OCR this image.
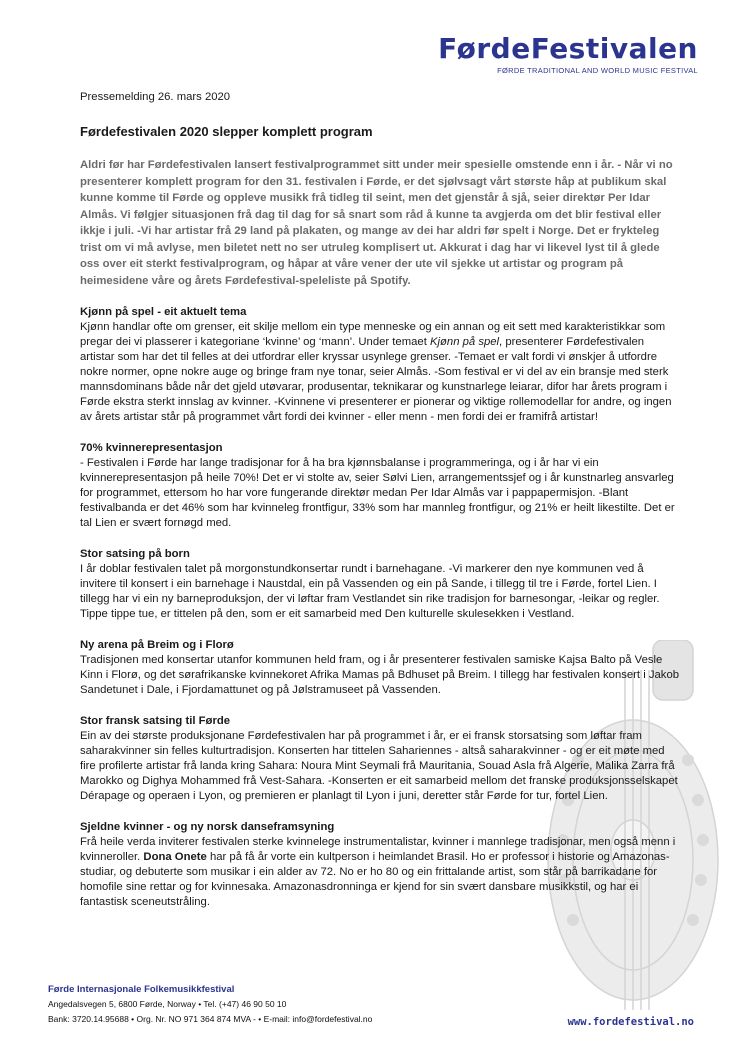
FørdeFestivalen
FØRDE TRADITIONAL AND WORLD MUSIC FESTIVAL

Pressemelding 26. mars 2020

Førdefestivalen 2020 slepper komplett program

Aldri før har Førdefestivalen lansert festivalprogrammet sitt under meir spesielle omstende enn i år. - Når vi no presenterer komplett program for den 31. festivalen i Førde, er det sjølvsagt vårt største håp at publikum skal kunne komme til Førde og oppleve musikk frå tidleg til seint, men det gjenstår å sjå, seier direktør Per Idar Almås. Vi følgjer situasjonen frå dag til dag for så snart som råd å kunne ta avgjerda om det blir festival eller ikkje i juli. -Vi har artistar frå 29 land på plakaten, og mange av dei har aldri før spelt i Norge. Det er frykteleg trist om vi må avlyse, men biletet nett no ser utruleg komplisert ut. Akkurat i dag har vi likevel lyst til å glede oss over eit sterkt festivalprogram, og håpar at våre vener der ute vil sjekke ut artistar og program på heimesidene våre og årets Førdefestival-speleliste på Spotify.

Kjønn på spel - eit aktuelt tema

Kjønn handlar ofte om grenser, eit skilje mellom ein type menneske og ein annan og eit sett med karakteristikkar som pregar dei vi plasserer i kategoriane ‘kvinne’ og ‘mann’. Under temaet Kjønn på spel, presenterer Førdefestivalen artistar som har det til felles at dei utfordrar eller kryssar usynlege grenser. -Temaet er valt fordi vi ønskjer å utfordre nokre normer, opne nokre auge og bringe fram nye tonar, seier Almås. -Som festival er vi del av ein bransje med sterk mannsdominans både når det gjeld utøvarar, produsentar, teknikarar og kunstnarlege leiarar, difor har årets program i Førde ekstra sterkt innslag av kvinner. -Kvinnene vi presenterer er pionerar og viktige rollemodellar for andre, og ingen av årets artistar står på programmet vårt fordi dei kvinner - eller menn - men fordi dei er framifrå artistar!

70% kvinnerepresentasjon

- Festivalen i Førde har lange tradisjonar for å ha bra kjønnsbalanse i programmeringa, og i år har vi ein kvinnerepresentasjon på heile 70%! Det er vi stolte av, seier Sølvi Lien, arrangementssjef og i år kunstnarleg ansvarleg for programmet, ettersom ho har vore fungerande direktør medan Per Idar Almås var i pappapermisjon. -Blant festivalbanda er det 46% som har kvinneleg frontfigur, 33% som har mannleg frontfigur, og 21% er heilt likestilte. Det er tal Lien er svært fornøgd med.

Stor satsing på born

I år doblar festivalen talet på morgonstundkonsertar rundt i barnehagane. -Vi markerer den nye kommunen ved å invitere til konsert i ein barnehage i Naustdal, ein på Vassenden og ein på Sande, i tillegg til tre i Førde, fortel Lien. I tillegg har vi ein ny barneproduksjon, der vi løftar fram Vestlandet sin rike tradisjon for barnesongar, -leikar og regler. Tippe tippe tue, er tittelen på den, som er eit samarbeid med Den kulturelle skulesekken i Vestland.

Ny arena på Breim og i Florø

Tradisjonen med konsertar utanfor kommunen held fram, og i år presenterer festivalen samiske Kajsa Balto på Vesle Kinn i Florø, og det sørafrikanske kvinnekoret Afrika Mamas på Bdhuset på Breim. I tillegg har festivalen konsert i Jakob Sandetunet i Dale, i Fjordamattunet og på Jølstramuseet på Vassenden.

Stor fransk satsing til Førde

Ein av dei største produksjonane Førdefestivalen har på programmet i år, er ei fransk storsatsing som løftar fram saharakvinner sin felles kulturtradisjon. Konserten har tittelen Sahariennes - altså saharakvinner - og er eit møte med fire profilerte artistar frå landa kring Sahara: Noura Mint Seymali frå Mauritania, Souad Asla frå Algerie, Malika Zarra frå Marokko og Dighya Mohammed frå Vest-Sahara. -Konserten er eit samarbeid mellom det franske produksjonsselskapet Dérapage og operaen i Lyon, og premieren er planlagt til Lyon i juni, deretter står Førde for tur, fortel Lien.

Sjeldne kvinner - og ny norsk danseframsyning

Frå heile verda inviterer festivalen sterke kvinnelege instrumentalistar, kvinner i mannlege tradisjonar, men også menn i kvinneroller. Dona Onete har på få år vorte ein kultperson i heimlandet Brasil. Ho er professor i historie og Amazonas-studiar, og debuterte som musikar i ein alder av 72. No er ho 80 og ein frittalande artist, som står på barrikadane for homofile sine rettar og for kvinnesaka. Amazonasdronninga er kjend for sin svært dansbare musikkstil, og har ei fantastisk sceneutstråling.

Førde Internasjonale Folkemusikkfestival
Angedalsvegen 5, 6800 Førde, Norway • Tel. (+47) 46 90 50 10
Bank: 3720.14.95688 • Org. Nr. NO 971 364 874 MVA - • E-mail: info@fordefestival.no	www.fordefestival.no
